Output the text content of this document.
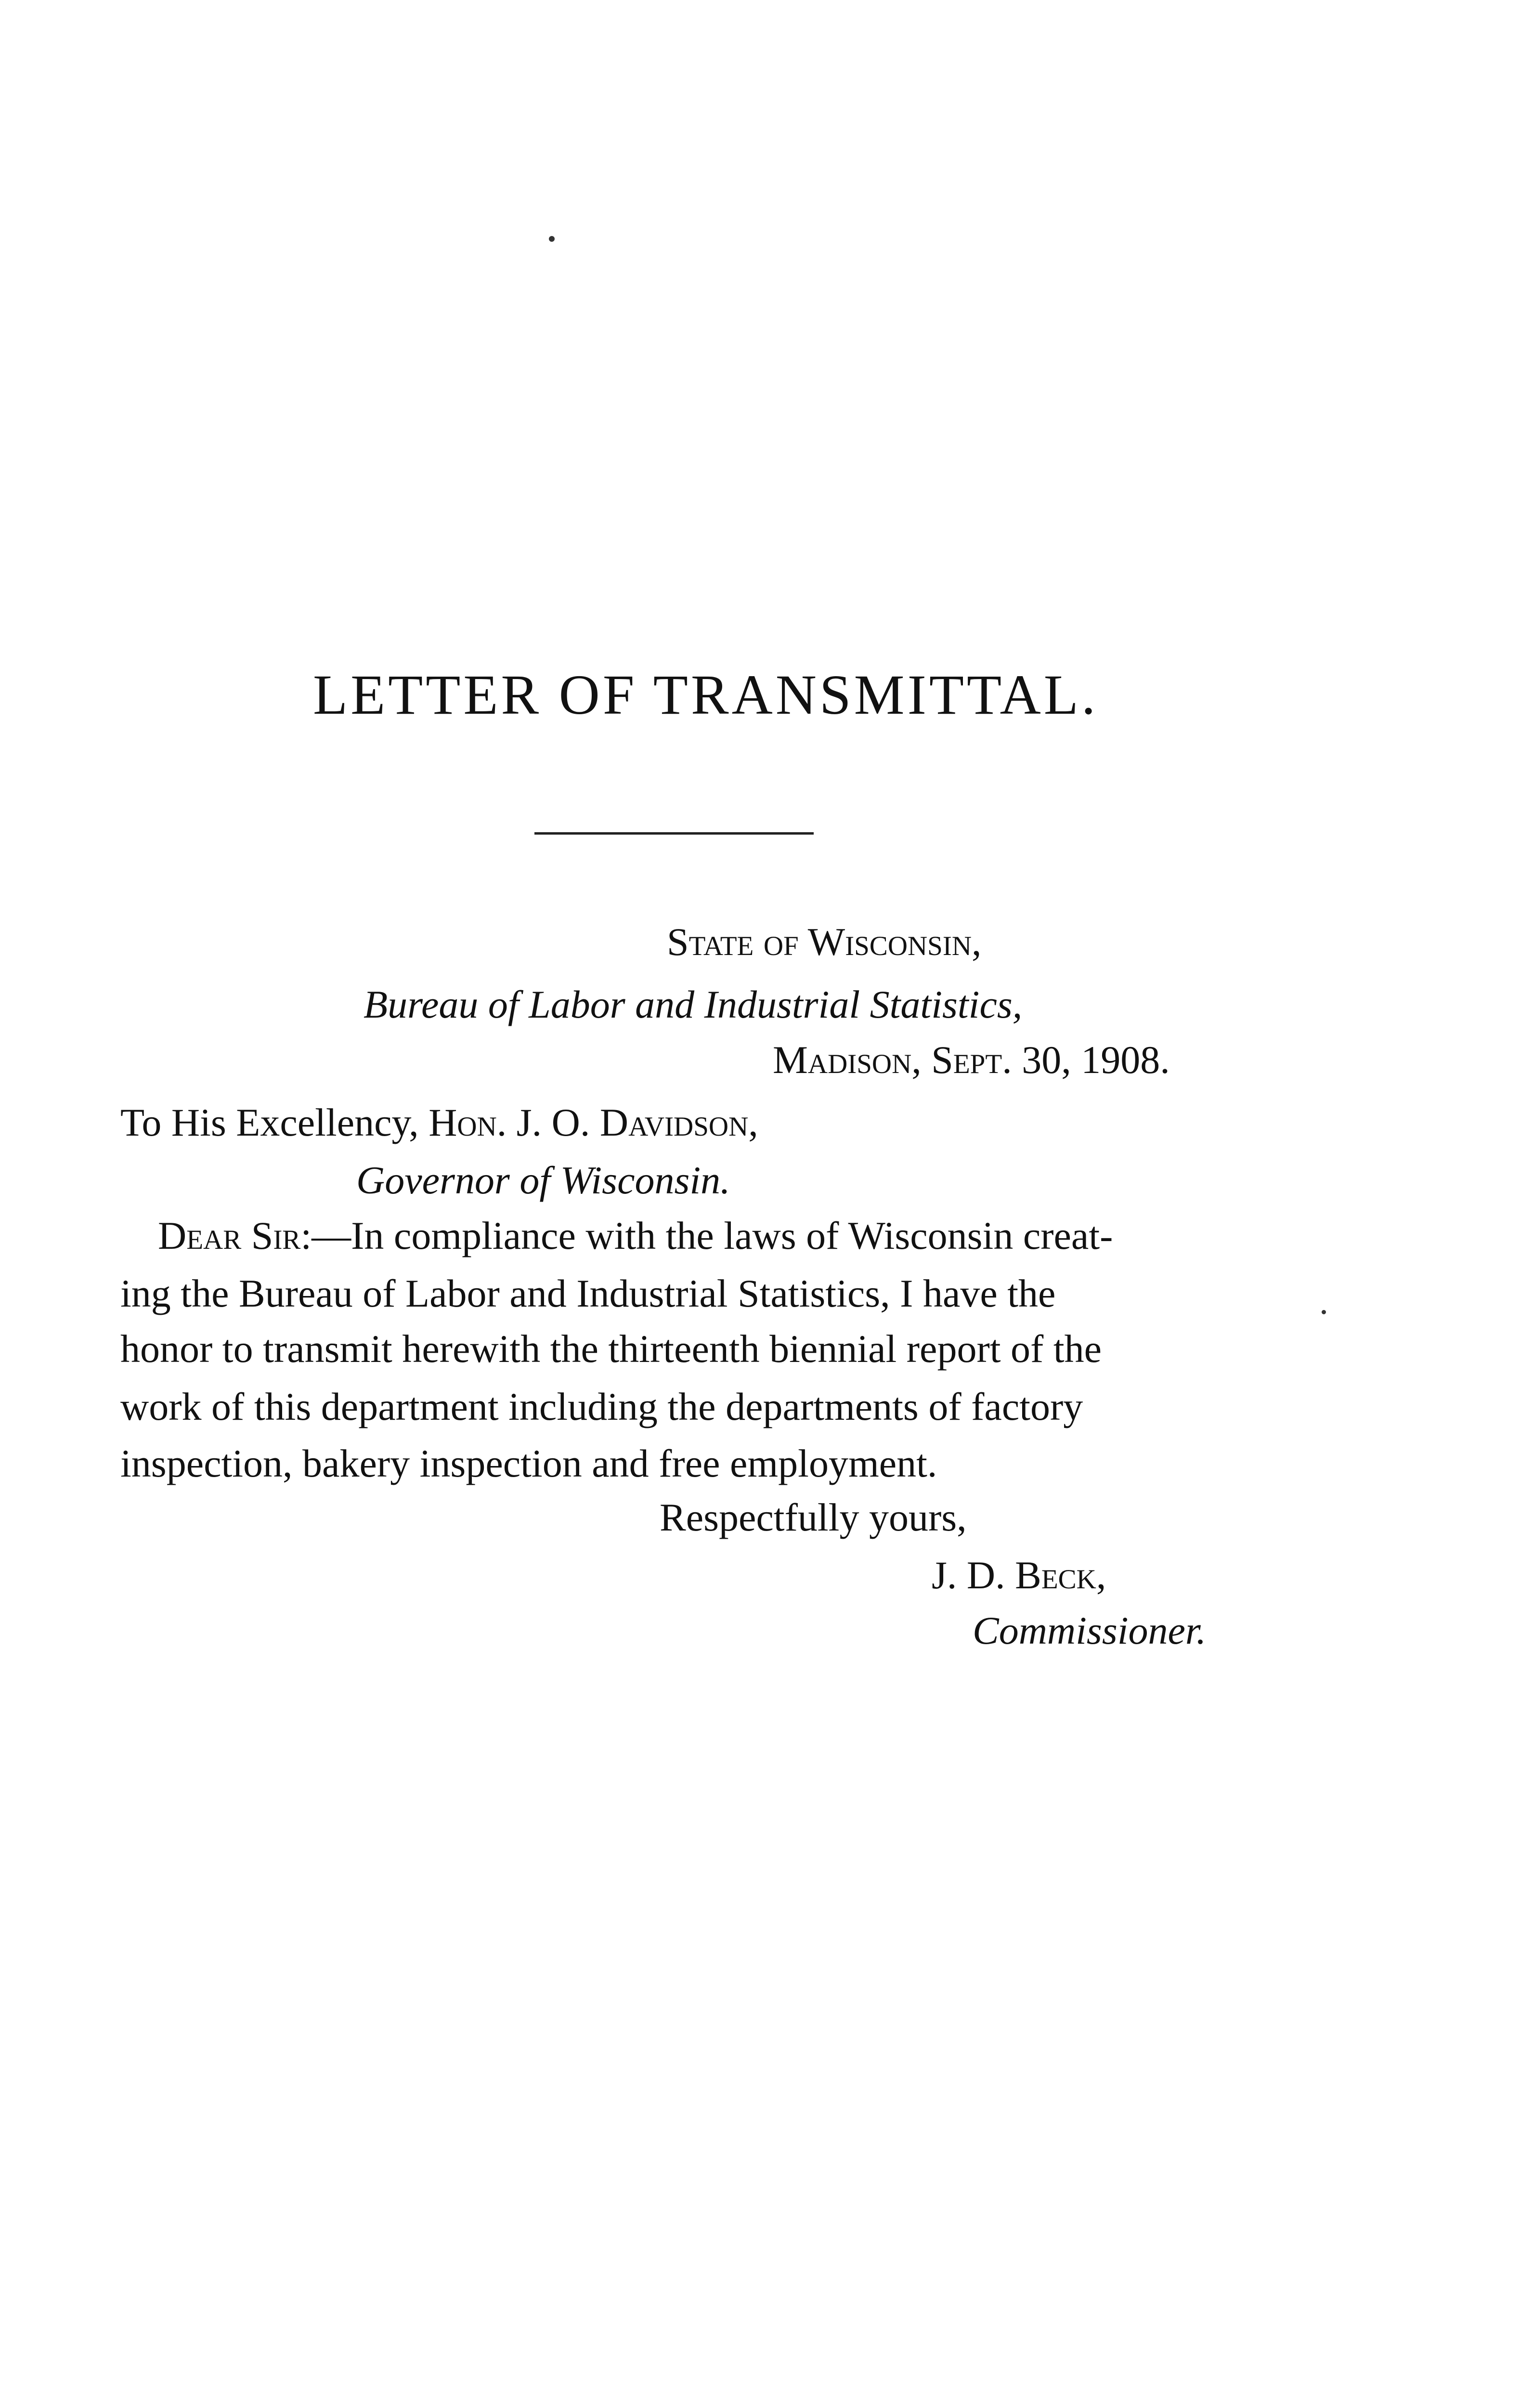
LETTER OF TRANSMITTAL.
State of Wisconsin,
Bureau of Labor and Industrial Statistics,
Madison, Sept. 30, 1908.
To His Excellency, Hon. J. O. Davidson,
Governor of Wisconsin.
Dear Sir:—In compliance with the laws of Wisconsin creat-
ing the Bureau of Labor and Industrial Statistics, I have the
honor to transmit herewith the thirteenth biennial report of the
work of this department including the departments of factory
inspection, bakery inspection and free employment.
Respectfully yours,
J. D. Beck,
Commissioner.
